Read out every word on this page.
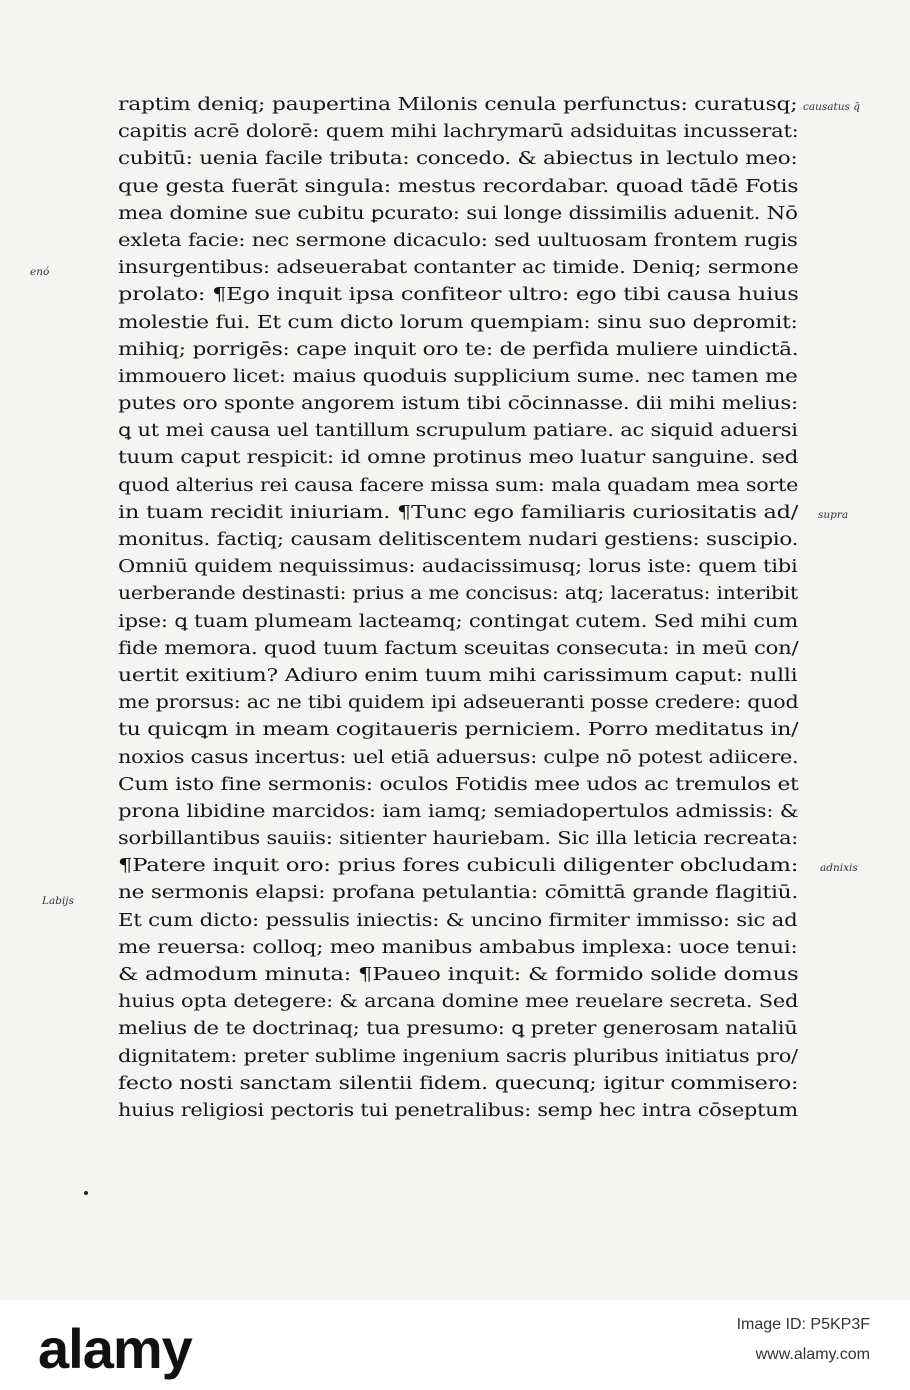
raptim deniq; paupertina Milonis cenula perfunctus: curatusq;
capitis acrē dolorē: quem mihi lachrymarū adsiduitas incusserat:
cubitū: uenia facile tributa: concedo. & abiectus in lectulo meo:
que gesta fuerāt singula: mestus recordabar. quoad tādē Fotis
mea domine sue cubitu ꝑcurato: sui longe dissimilis aduenit. Nō
exleta facie: nec sermone dicaculo: sed uultuosam frontem rugis
insurgentibus: adseuerabat contanter ac timide. Deniq; sermone
prolato: ¶Ego inquit ipsa confiteor ultro: ego tibi causa huius
molestie fui. Et cum dicto lorum quempiam: sinu suo depromit:
mihiq; porrigēs: cape inquit oro te: de perfida muliere uindictā.
immouero licet: maius quoduis supplicium sume. nec tamen me
putes oro sponte angorem istum tibi cōcinnasse. dii mihi melius:
ꝗ ut mei causa uel tantillum scrupulum patiare. ac siquid aduersi
tuum caput respicit: id omne protinus meo luatur sanguine. sed
quod alterius rei causa facere missa sum: mala quadam mea sorte
in tuam recidit iniuriam. ¶Tunc ego familiaris curiositatis ad/
monitus. factiq; causam delitiscentem nudari gestiens: suscipio.
Omniū quidem nequissimus: audacissimusq; lorus iste: quem tibi
uerberande destinasti: prius a me concisus: atq; laceratus: interibit
ipse: ꝗ tuam plumeam lacteamq; contingat cutem. Sed mihi cum
fide memora. quod tuum factum sceuitas consecuta: in meū con/
uertit exitium? Adiuro enim tuum mihi carissimum caput: nulli
me prorsus: ac ne tibi quidem ipi adseueranti posse credere: quod
tu quicꝗm in meam cogitaueris perniciem. Porro meditatus in/
noxios casus incertus: uel etiā aduersus: culpe nō potest adiicere.
Cum isto fine sermonis: oculos Fotidis mee udos ac tremulos et
prona libidine marcidos: iam iamq; semiadopertulos admissis: &
sorbillantibus sauiis: sitienter hauriebam. Sic illa leticia recreata:
¶Patere inquit oro: prius fores cubiculi diligenter obcludam:
ne sermonis elapsi: profana petulantia: cōmittā grande flagitiū.
Et cum dicto: pessulis iniectis: & uncino firmiter immisso: sic ad
me reuersa: colloq; meo manibus ambabus implexa: uoce tenui:
& admodum minuta: ¶Paueo inquit: & formido solide domus
huius opta detegere: & arcana domine mee reuelare secreta. Sed
melius de te doctrinaq; tua presumo: ꝗ preter generosam nataliū
dignitatem: preter sublime ingenium sacris pluribus initiatus pro/
fecto nosti sanctam silentii fidem. quecunq; igitur commisero:
huius religiosi pectoris tui penetralibus: semp hec intra cōseptum
causatus q̄
enó
supra
adnixis
Labijs
alamy	Image ID: P5KP3F
www.alamy.com
